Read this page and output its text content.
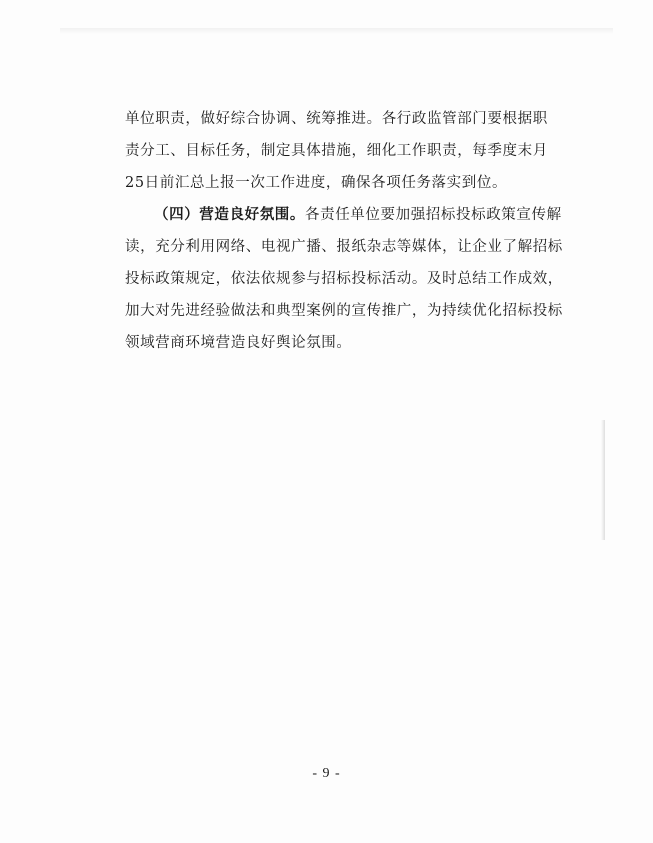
单位职责，做好综合协调、统筹推进。各行政监管部门要根据职
责分工、目标任务，制定具体措施，细化工作职责，每季度末月
25日前汇总上报一次工作进度，确保各项任务落实到位。
（四）营造良好氛围。各责任单位要加强招标投标政策宣传解
读，充分利用网络、电视广播、报纸杂志等媒体，让企业了解招标
投标政策规定，依法依规参与招标投标活动。及时总结工作成效，
加大对先进经验做法和典型案例的宣传推广，为持续优化招标投标
领域营商环境营造良好舆论氛围。
- 9 -
